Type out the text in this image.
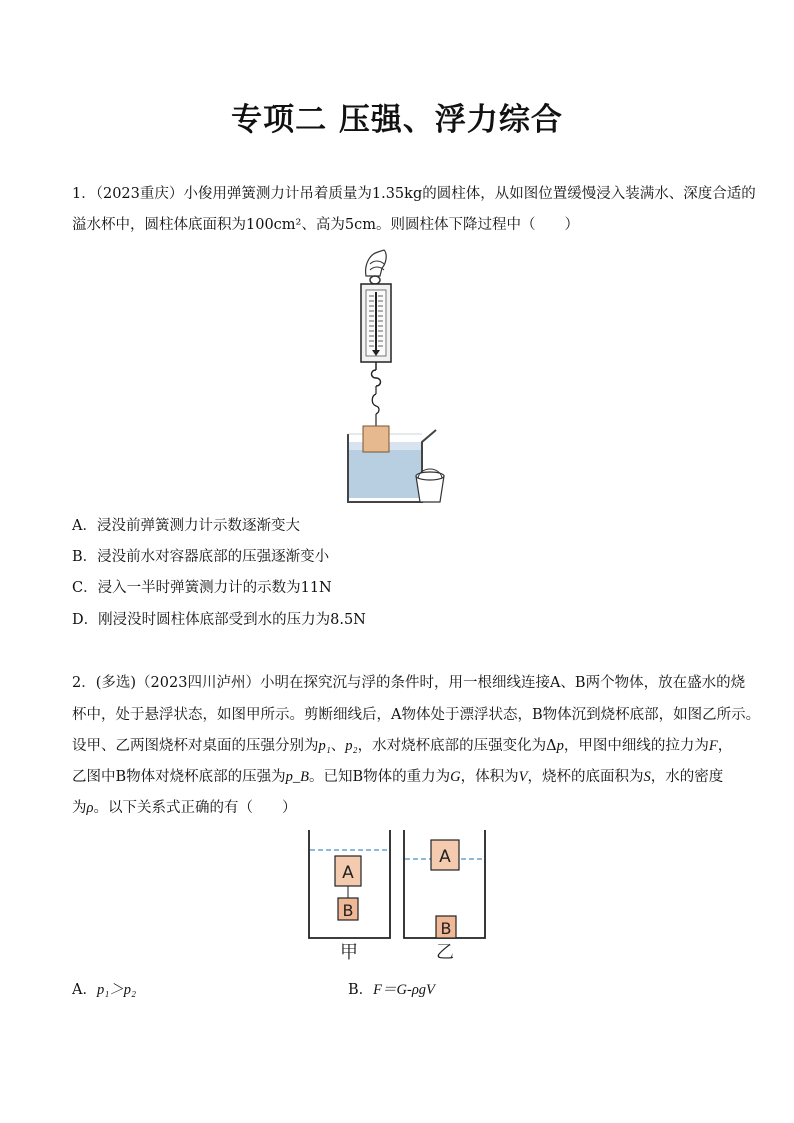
专项二 压强、浮力综合
1．（2023重庆）小俊用弹簧测力计吊着质量为1.35kg的圆柱体，从如图位置缓慢浸入装满水、深度合适的
溢水杯中，圆柱体底面积为100cm²、高为5cm。则圆柱体下降过程中（　　）
A．浸没前弹簧测力计示数逐渐变大
B．浸没前水对容器底部的压强逐渐变小
C．浸入一半时弹簧测力计的示数为11N
D．刚浸没时圆柱体底部受到水的压力为8.5N
2．(多选)（2023四川泸州）小明在探究沉与浮的条件时，用一根细线连接A、B两个物体，放在盛水的烧
杯中，处于悬浮状态，如图甲所示。剪断细线后，A物体处于漂浮状态，B物体沉到烧杯底部，如图乙所示。
设甲、乙两图烧杯对桌面的压强分别为p₁、p₂，水对烧杯底部的压强变化为Δp，甲图中细线的拉力为F，
乙图中B物体对烧杯底部的压强为p_B。已知B物体的重力为G，体积为V，烧杯的底面积为S，水的密度
为ρ。以下关系式正确的有（　　）
A
B
甲
A
B
乙
A．p₁＞p₂	B．F＝G-ρgV
